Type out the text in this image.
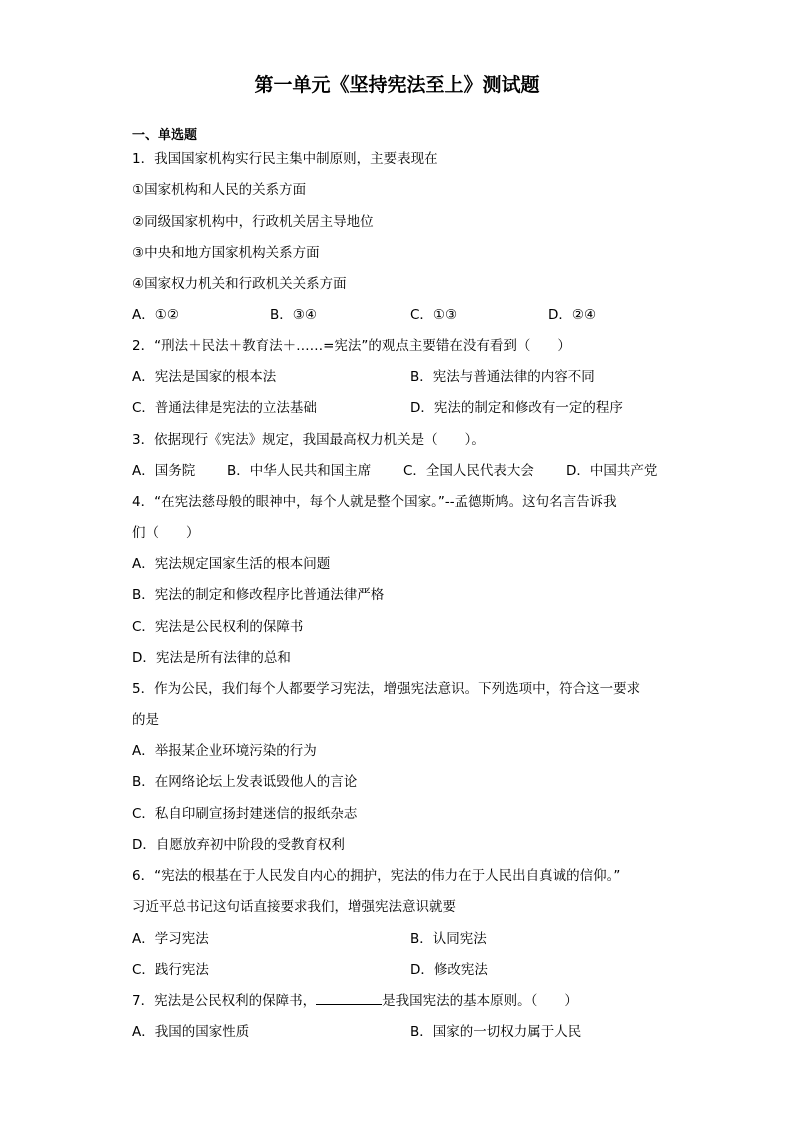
第一单元《坚持宪法至上》测试题
一、单选题
1．我国国家机构实行民主集中制原则，主要表现在
①国家机构和人民的关系方面
②同级国家机构中，行政机关居主导地位
③中央和地方国家机构关系方面
④国家权力机关和行政机关关系方面
A．①②	B．③④	C．①③	D．②④
2．“刑法＋民法＋教育法＋……=宪法”的观点主要错在没有看到（　　）
A．宪法是国家的根本法	B．宪法与普通法律的内容不同
C．普通法律是宪法的立法基础	D．宪法的制定和修改有一定的程序
3．依据现行《宪法》规定，我国最高权力机关是（　　）。
A．国务院 B．中华人民共和国主席 C．全国人民代表大会 D．中国共产党
4．“在宪法慈母般的眼神中，每个人就是整个国家。”--孟德斯鸠。这句名言告诉我
们（　　）
A．宪法规定国家生活的根本问题
B．宪法的制定和修改程序比普通法律严格
C．宪法是公民权利的保障书
D．宪法是所有法律的总和
5．作为公民，我们每个人都要学习宪法，增强宪法意识。下列选项中，符合这一要求
的是
A．举报某企业环境污染的行为
B．在网络论坛上发表诋毁他人的言论
C．私自印刷宣扬封建迷信的报纸杂志
D．自愿放弃初中阶段的受教育权利
6．“宪法的根基在于人民发自内心的拥护，宪法的伟力在于人民出自真诚的信仰。”
习近平总书记这句话直接要求我们，增强宪法意识就要
A．学习宪法	B．认同宪法
C．践行宪法	D．修改宪法
7．宪法是公民权利的保障书，	是我国宪法的基本原则。（　　）
A．我国的国家性质	B．国家的一切权力属于人民
